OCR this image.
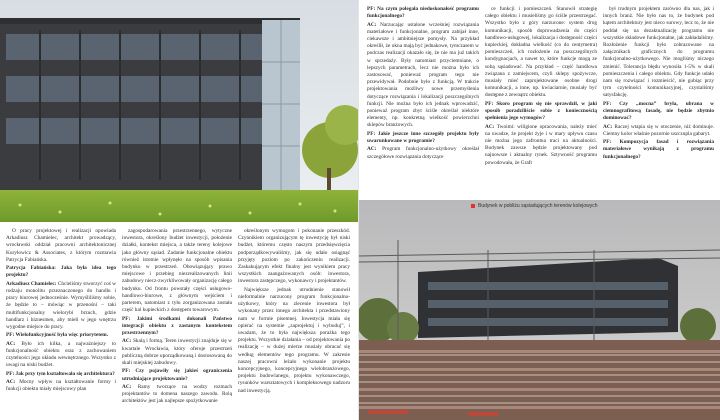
Budynek w pobliżu sąsiadujących terenów kolejowych

O pracy projektowej i realizacji opowiada Arkadiusz Chamielec, architekt prowadzący, wrocławski oddział pracowni architektonicznej Kuryłowicz & Associates, z którym rozmawia Patrycja Fabiańska.

Patrycja Fabiańska: Jaka była idea tego projektu?

Arkadiusz Chamielec: Chcieliśmy stworzyć coś w rodzaju monolitu przeznaczonego do handlu i pracy biurowej jednocześnie. Wymyśliliśmy sobie, że będzie to – mówiąc w przenośni – taki multifunkcjonalny wielorybi brzuch, gdzie handlarz i biznesmen, aby mieli w jego wnętrzu wygodne miejsce do pracy.

PF: Wielofunkcyjność była więc priorytetem.

AC: Było ich kilka, a najważniejszy to funkcjonalność obiektu oraz z zachowaniem czytelności jego układu wewnętrznego. Wszystko z uwagi na niski budżet.

PF: Jak przy tym kształtowała się architektura?

AC: Mocny wpływ na kształtowanie formy i funkcji obiektu miały miejscowy plan

zagospodarowania przestrzennego, wytyczne inwestora, określony budżet inwestycji, położenie działki, kontekst miejsca, a także tereny kolejowe jako główny sąsiad. Zadanie funkcjonalne obiektu również istotnie wpłynęło na sposób wpisania budynku w przestrzeń. Obowiązujący prawo miejscowe i przebieg niezrealizowanych linii zabudowy niecz-zwyrkliwowały organizację całego budynku. Od frontu powstały części usługowo-handlowo-biurowe, z głównym wejściem i parterem, natomiast z tyłu zorganizowana została część hal kupieckich z dostępem towarowym.

PF: Jakimi środkami dokonali Państwo integracji obiektu z zastanym kontekstem przestrzennym?

AC: Skalą i formą. Teren inwestycji znajduje się w kwartale Wrocławia, który oferuje przestrzeń publiczną dobrze uporządkowaną i dostosowaną do skali miejskiej zabudowy.

PF: Czy pojawiły się jakieś ograniczenia utrudniające projektowanie?

AC: Ramy tworzące na wodzy rozmach projektantów to domena naszego zawodu. Rolą architektów jest jak najlepsze spożytkowanie

określonym wymogom i pokonanie przeszkód. Czynnikiem organizującym tę inwestycję był niski budżet, któremu często naszym przedsięwzięcia podporządkowywaliśmy, jak się udało osiągnąć przyjęty poziom po zakończeniu realizacji. Zaskakującym efekt finalny jest wynikiem pracy wszystkich zaangażowanych osób: inwestora, inwestora zastępczego, wykonawcy i projektantów.

Największe jednak utrudnienie stanowił nieformalnie narzucony program funkcjonalno-użytkowy, który na zlecenie inwestora był wykonany przez innego architekta i przedstawiony nam w formie pisemnej. Inwestycja miała się opierać na systemie „zaprojektuj i wybuduj”, i uważam, że to była największa porażka tego projektu. Wszystkie działania – od projektowania po realizację – w dużej mierze musiały obracać się według elementów tego programu. W zakresie naszej pracowni leżało wykonanie projektu koncepcyjnego, koncepcyjnego wielobranżowego, projektu budowlanego, projektu wykonawczego, rysunków warsztatowych i kompleksowego nadzoru nad inwestycją.

PF: Na czym polegała niedoskonałość programu funkcjonalnego?

AC: Narzucając ustalone wcześniej rozwiązania materiałowe i funkcjonalne, program zabijał inne, ciekawsze i ambitniejsze pomysły. Na przykład określił, że okna mają być jednakowe, tymczasem w podczas realizacji okazało się, że nie ma już takich w sprzedaży. Były natomiast przyciemniane, o lepszych parametrach, lecz nie można było ich zastosować, ponieważ program tego nie przewidywał. Podobnie było z funkcją. W trakcie projektowania możliwy nowe przemyślenia dotyczące rozwiązania i lokalizacji poszczególnych funkcji. Nie można było ich jednak wprowadzić, ponieważ program zbyt ściśle określał niektóre elementy, np. konkretną wielkość powierzchni sklepów branżowych.

PF: Jakie jeszcze inne szczegóły projektu były uwarunkowane w programie?

AC: Program funkcjonalno-użytkowy określał szczegółowe rozwiązania dotyczące

ce funkcji i pomieszczeń. Stanowił strategię całego obiektu i musieliśmy go ściśle przestrzegać. Wszystko było z góry narzucone: system drog komunikacji, sposób doprowadzenia do części handlowo-usługowej, lokalizacja i dostępność części kupieckiej, dokładna wielkość (co do centymetra) pomieszczeń, ich rozłożenie na poszczególnych kondygnacjach, a nawet to, które funkcje mogą ze sobą sąsiadować. Na przykład – część handlowa związana z zamiejscem, czyli sklepy spożywcze, musiały mieć zaprojektowane osobne drogi komunikacji, a inne, np. kwiaciarnie, musiały być dostępne z zewnątrz obiektu.

PF: Skoro program się nie sprawdził, w jaki sposób poradziliście sobie z koniecznością spełnienia jego wymogów?

AC: Twoimi: wiligione opracowania, należy mieć na uwadze, że projekt żyje i w mary upływu czasu nie można jego zafrontna traci na aktualności. Budynek zawsze będzie projektowany pod najnowsze i aktualny rynek. Sztywność programu powodowała, że Graft

był trudnym projektem zarówno dla nas, jak i innych branż. Nie było nas to, że budynek pod kątem architektury jest nieco surowy, lecz to, że nie poddał się na dezaktualizację programu nie wszystkie składowe funkcjonalne, jak zakładaliśmy. Rozłożenie funkcji było zobrazowane na załącznikach graficznych do programu funkcjonalno-użytkowego. Nie mogliśmy niczego zmienić. Tolerancja błędu wynosiła 1-5% w skali pomieszczenia i całego obiektu. Gdy funkcje udało nam się rozwiązać i rozmieścić, nie gubiąc przy tym czytelności komunikacyjnej, czystaliśmy satysfakcję.

PF: Czy „mocna” bryła, ubrana w ciemnografitową fasadę, nie będzie zbytnio dominować?

AC: Raczej wtapia się w otoczenie, niż dominuje. Ciemny kolor właśnie pozornie uszczupla gabaryt.

PF: Kompozycja fasad i rozwiązania materiałowe wynikają z programu funkcjonalnego?
